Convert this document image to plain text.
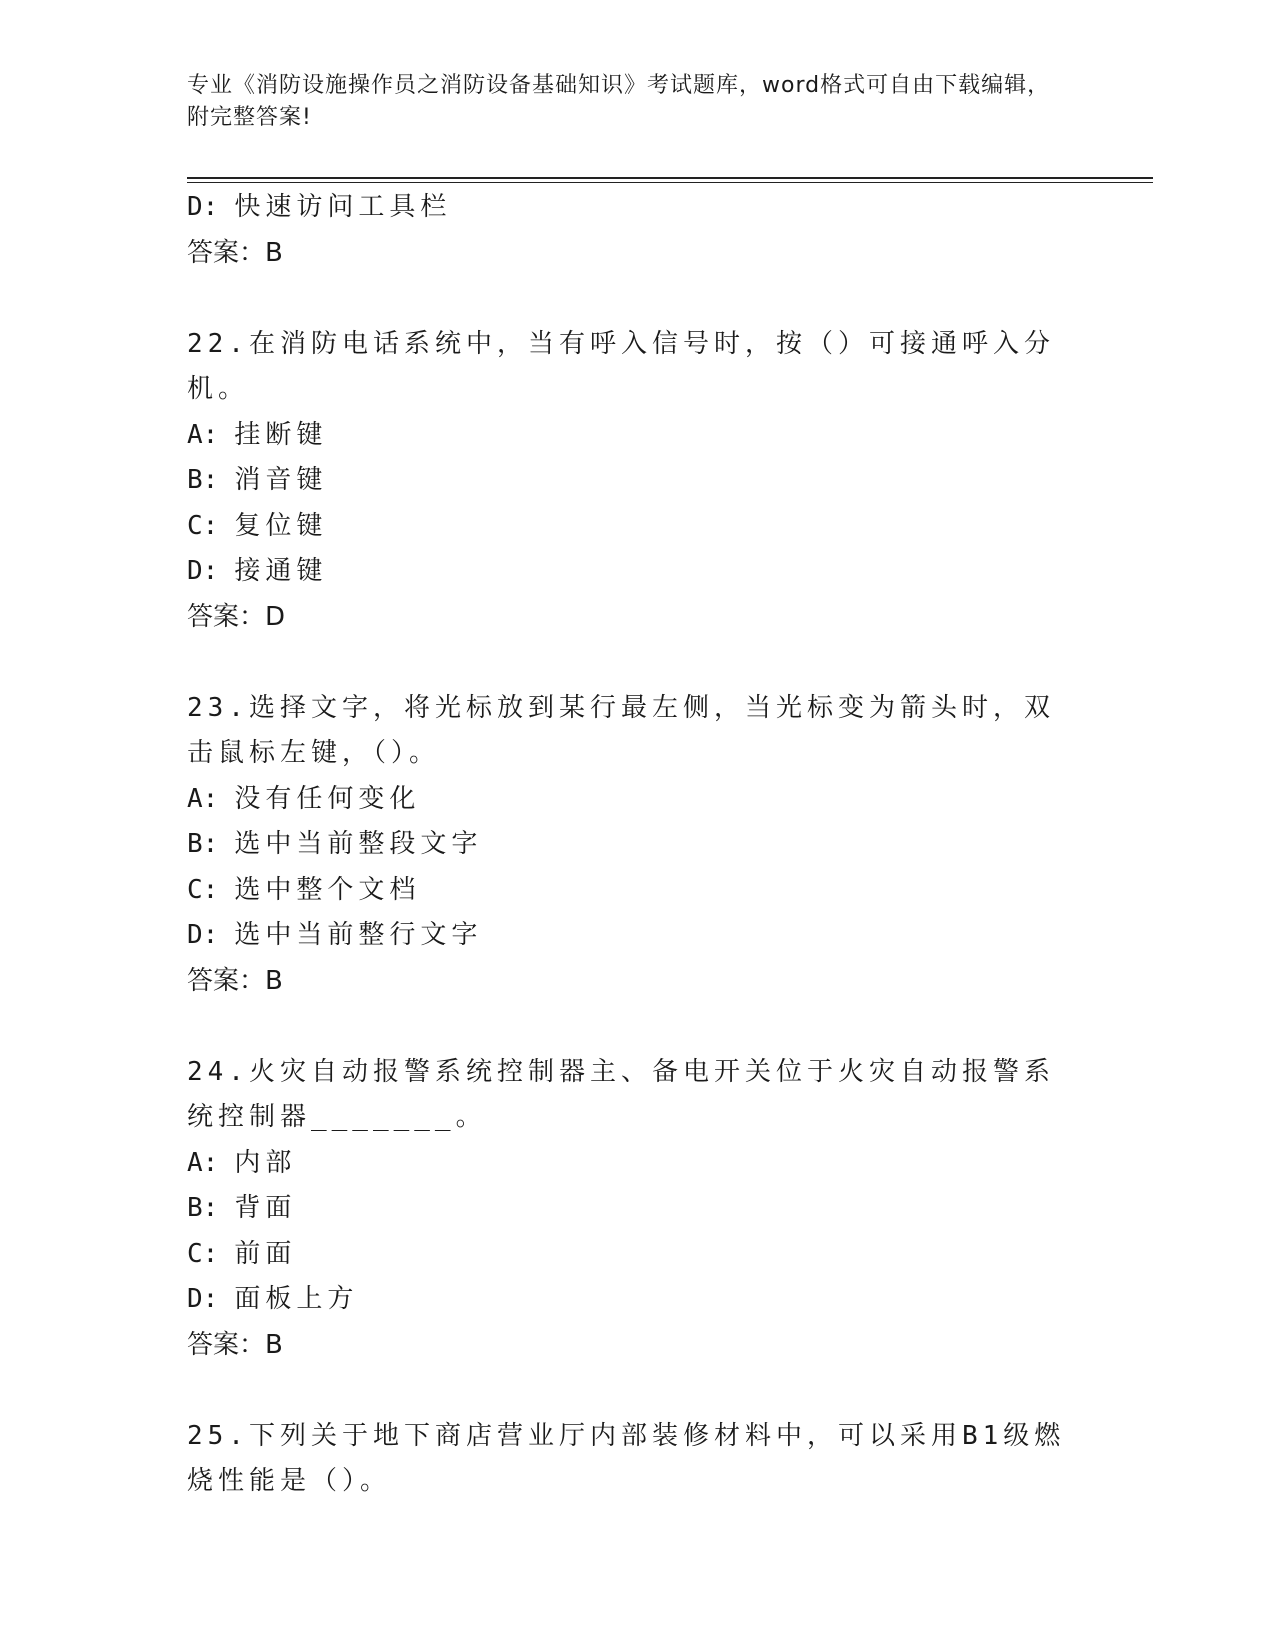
专业《消防设施操作员之消防设备基础知识》考试题库，word格式可自由下载编辑，附完整答案!
D: 快速访问工具栏
答案：B
22.在消防电话系统中，当有呼入信号时，按（）可接通呼入分机。
A: 挂断键
B: 消音键
C: 复位键
D: 接通键
答案：D
23.选择文字，将光标放到某行最左侧，当光标变为箭头时，双击鼠标左键，（）。
A: 没有任何变化
B: 选中当前整段文字
C: 选中整个文档
D: 选中当前整行文字
答案：B
24.火灾自动报警系统控制器主、备电开关位于火灾自动报警系统控制器_______。
A: 内部
B: 背面
C: 前面
D: 面板上方
答案：B
25.下列关于地下商店营业厅内部装修材料中，可以采用B1级燃烧性能是（）。
